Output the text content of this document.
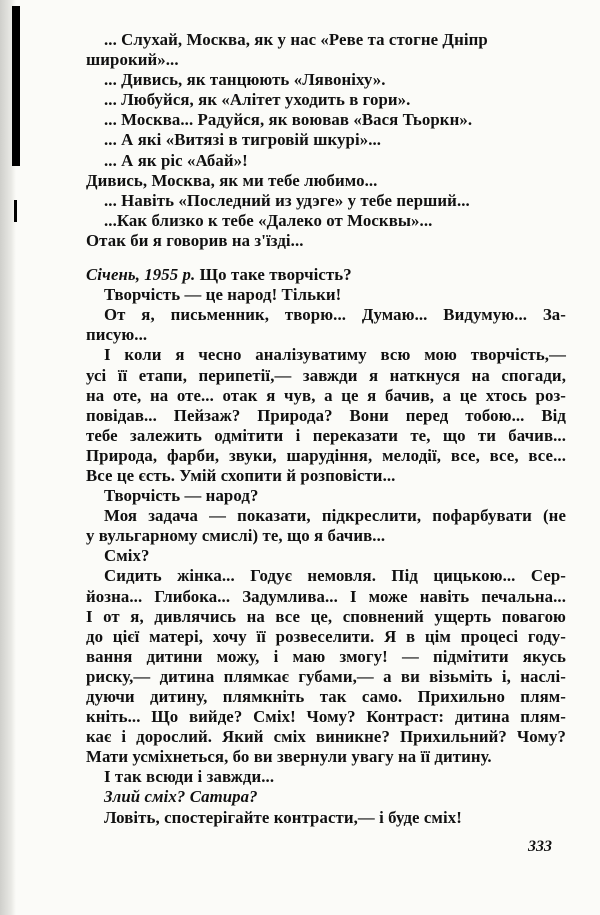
... Слухай, Москва, як у нас «Реве та стогне Дніпр
широкий»...
... Дивись, як танцюють «Лявоніху».
... Любуйся, як «Алітет уходить в гори».
... Москва... Радуйся, як воював «Вася Тьоркн».
... А які «Витязі в тигровій шкурі»...
... А як ріс «Абай»!
Дивись, Москва, як ми тебе любимо...
... Навіть «Последний из удэге» у тебе перший...
...Как близко к тебе «Далеко от Москвы»...
Отак би я говорив на з'їзді...
Січень, 1955 р. Що таке творчість?
Творчість — це народ! Тільки!
От я, письменник, творю... Думаю... Видумую... За-
писую...
І коли я чесно аналізуватиму всю мою творчість,—
усі її етапи, перипетії,— завжди я наткнуся на спогади,
на оте, на оте... отак я чув, а це я бачив, а це хтось роз-
повідав... Пейзаж? Природа? Вони перед тобою... Від
тебе залежить одмітити і переказати те, що ти бачив...
Природа, фарби, звуки, шарудіння, мелодії, все, все, все...
Все це єсть. Умій схопити й розповісти...
Творчість — народ?
Моя задача — показати, підкреслити, пофарбувати (не
у вульгарному смислі) те, що я бачив...
Сміх?
Сидить жінка... Годує немовля. Під цицькою... Сер-
йозна... Глибока... Задумлива... І може навіть печальна...
І от я, дивлячись на все це, сповнений ущерть повагою
до цієї матері, хочу її розвеселити. Я в цім процесі году-
вання дитини можу, і маю змогу! — підмітити якусь
риску,— дитина плямкає губами,— а ви візьміть і, наслі-
дуючи дитину, плямкніть так само. Прихильно плям-
кніть... Що вийде? Сміх! Чому? Контраст: дитина плям-
кає і дорослий. Який сміх виникне? Прихильний? Чому?
Мати усміхнеться, бо ви звернули увагу на її дитину.
І так всюди і завжди...
Злий сміх? Сатира?
Ловіть, спостерігайте контрасти,— і буде сміх!
333
